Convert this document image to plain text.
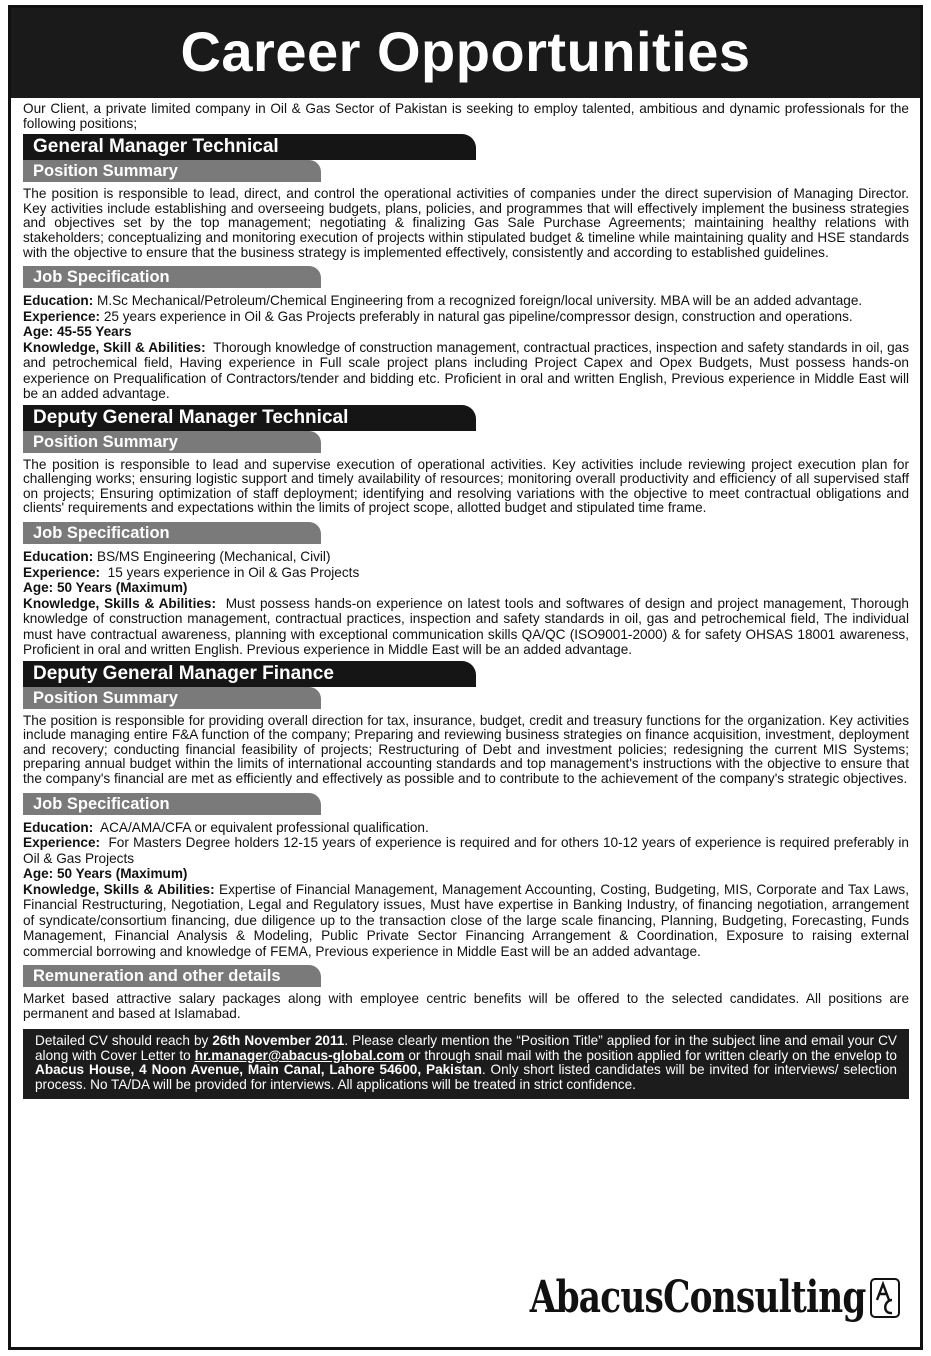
Career Opportunities

Our Client, a private limited company in Oil & Gas Sector of Pakistan is seeking to employ talented, ambitious and dynamic professionals for the following positions;

General Manager Technical
Position Summary

The position is responsible to lead, direct, and control the operational activities of companies under the direct supervision of Managing Director. Key activities include establishing and overseeing budgets, plans, policies, and programmes that will effectively implement the business strategies and objectives set by the top management; negotiating & finalizing Gas Sale Purchase Agreements; maintaining healthy relations with stakeholders; conceptualizing and monitoring execution of projects within stipulated budget & timeline while maintaining quality and HSE standards with the objective to ensure that the business strategy is implemented effectively, consistently and according to established guidelines.

Job Specification

Education: M.Sc Mechanical/Petroleum/Chemical Engineering from a recognized foreign/local university. MBA will be an added advantage.

Experience: 25 years experience in Oil & Gas Projects preferably in natural gas pipeline/compressor design, construction and operations.

Age: 45-55 Years

Knowledge, Skill & Abilities: Thorough knowledge of construction management, contractual practices, inspection and safety standards in oil, gas and petrochemical field, Having experience in Full scale project plans including Project Capex and Opex Budgets, Must possess hands-on experience on Prequalification of Contractors/tender and bidding etc. Proficient in oral and written English, Previous experience in Middle East will be an added advantage.

Deputy General Manager Technical
Position Summary

The position is responsible to lead and supervise execution of operational activities. Key activities include reviewing project execution plan for challenging works; ensuring logistic support and timely availability of resources; monitoring overall productivity and efficiency of all supervised staff on projects; Ensuring optimization of staff deployment; identifying and resolving variations with the objective to meet contractual obligations and clients' requirements and expectations within the limits of project scope, allotted budget and stipulated time frame.

Job Specification

Education: BS/MS Engineering (Mechanical, Civil)

Experience: 15 years experience in Oil & Gas Projects

Age: 50 Years (Maximum)

Knowledge, Skills & Abilities: Must possess hands-on experience on latest tools and softwares of design and project management, Thorough knowledge of construction management, contractual practices, inspection and safety standards in oil, gas and petrochemical field, The individual must have contractual awareness, planning with exceptional communication skills QA/QC (ISO9001-2000) & for safety OHSAS 18001 awareness, Proficient in oral and written English. Previous experience in Middle East will be an added advantage.

Deputy General Manager Finance
Position Summary

The position is responsible for providing overall direction for tax, insurance, budget, credit and treasury functions for the organization. Key activities include managing entire F&A function of the company; Preparing and reviewing business strategies on finance acquisition, investment, deployment and recovery; conducting financial feasibility of projects; Restructuring of Debt and investment policies; redesigning the current MIS Systems; preparing annual budget within the limits of international accounting standards and top management's instructions with the objective to ensure that the company's financial are met as efficiently and effectively as possible and to contribute to the achievement of the company's strategic objectives.

Job Specification

Education: ACA/AMA/CFA or equivalent professional qualification.

Experience: For Masters Degree holders 12-15 years of experience is required and for others 10-12 years of experience is required preferably in Oil & Gas Projects

Age: 50 Years (Maximum)

Knowledge, Skills & Abilities: Expertise of Financial Management, Management Accounting, Costing, Budgeting, MIS, Corporate and Tax Laws, Financial Restructuring, Negotiation, Legal and Regulatory issues, Must have expertise in Banking Industry, of financing negotiation, arrangement of syndicate/consortium financing, due diligence up to the transaction close of the large scale financing, Planning, Budgeting, Forecasting, Funds Management, Financial Analysis & Modeling, Public Private Sector Financing Arrangement & Coordination, Exposure to raising external commercial borrowing and knowledge of FEMA, Previous experience in Middle East will be an added advantage.

Remuneration and other details

Market based attractive salary packages along with employee centric benefits will be offered to the selected candidates. All positions are permanent and based at Islamabad.

Detailed CV should reach by 26th November 2011. Please clearly mention the “Position Title” applied for in the subject line and email your CV along with Cover Letter to hr.manager@abacus-global.com or through snail mail with the position applied for written clearly on the envelop to Abacus House, 4 Noon Avenue, Main Canal, Lahore 54600, Pakistan. Only short listed candidates will be invited for interviews/ selection process. No TA/DA will be provided for interviews. All applications will be treated in strict confidence.
AbacusConsulting
